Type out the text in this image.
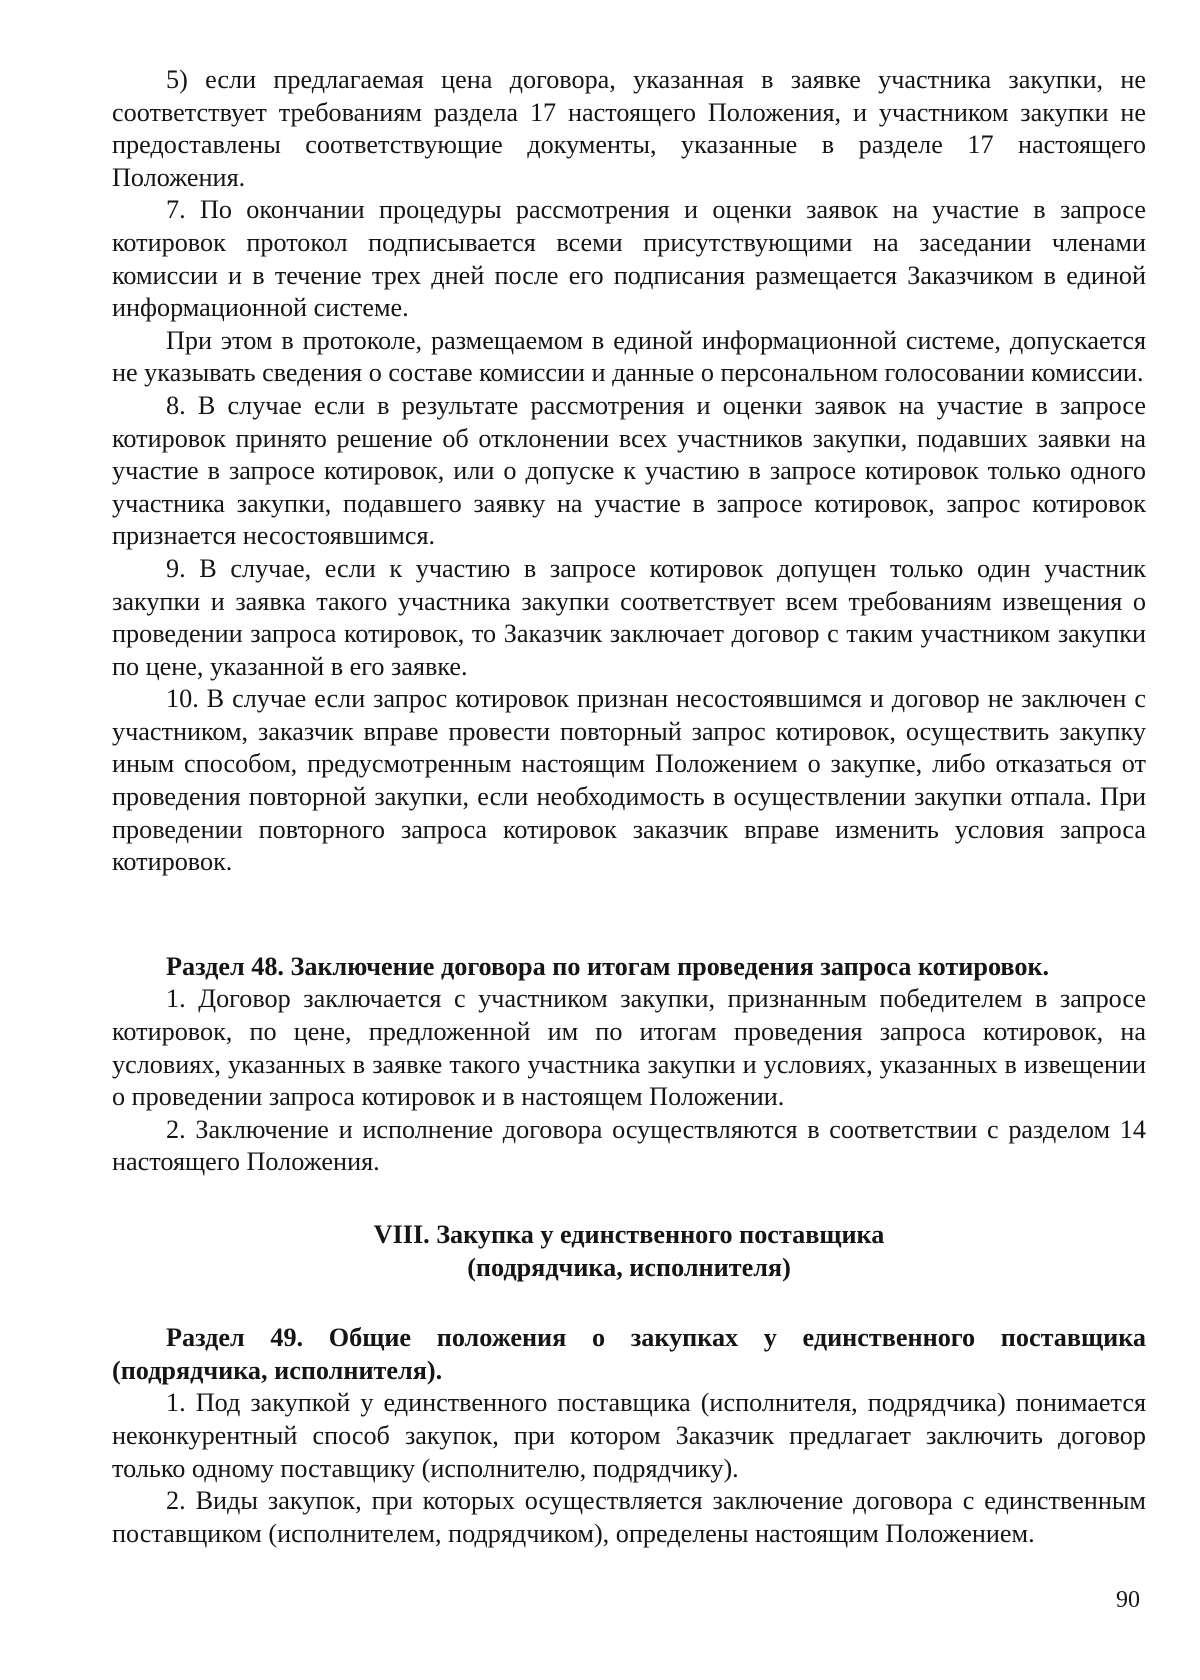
5) если предлагаемая цена договора, указанная в заявке участника закупки, не соответствует требованиям раздела 17 настоящего Положения, и участником закупки не предоставлены соответствующие документы, указанные в разделе 17 настоящего Положения.

7. По окончании процедуры рассмотрения и оценки заявок на участие в запросе котировок протокол подписывается всеми присутствующими на заседании членами комиссии и в течение трех дней после его подписания размещается Заказчиком в единой информационной системе.

При этом в протоколе, размещаемом в единой информационной системе, допускается не указывать сведения о составе комиссии и данные о персональном голосовании комиссии.

8. В случае если в результате рассмотрения и оценки заявок на участие в запросе котировок принято решение об отклонении всех участников закупки, подавших заявки на участие в запросе котировок, или о допуске к участию в запросе котировок только одного участника закупки, подавшего заявку на участие в запросе котировок, запрос котировок признается несостоявшимся.

9. В случае, если к участию в запросе котировок допущен только один участник закупки и заявка такого участника закупки соответствует всем требованиям извещения о проведении запроса котировок, то Заказчик заключает договор с таким участником закупки по цене, указанной в его заявке.

10. В случае если запрос котировок признан несостоявшимся и договор не заключен с участником, заказчик вправе провести повторный запрос котировок, осуществить закупку иным способом, предусмотренным настоящим Положением о закупке, либо отказаться от проведения повторной закупки, если необходимость в осуществлении закупки отпала. При проведении повторного запроса котировок заказчик вправе изменить условия запроса котировок.

Раздел 48. Заключение договора по итогам проведения запроса котировок.

1. Договор заключается с участником закупки, признанным победителем в запросе котировок, по цене, предложенной им по итогам проведения запроса котировок, на условиях, указанных в заявке такого участника закупки и условиях, указанных в извещении о проведении запроса котировок и в настоящем Положении.

2. Заключение и исполнение договора осуществляются в соответствии с разделом 14 настоящего Положения.

VIII. Закупка у единственного поставщика

(подрядчика, исполнителя)

Раздел 49. Общие положения о закупках у единственного поставщика (подрядчика, исполнителя).

1. Под закупкой у единственного поставщика (исполнителя, подрядчика) понимается неконкурентный способ закупок, при котором Заказчик предлагает заключить договор только одному поставщику (исполнителю, подрядчику).

2. Виды закупок, при которых осуществляется заключение договора с единственным поставщиком (исполнителем, подрядчиком), определены настоящим Положением.

90
